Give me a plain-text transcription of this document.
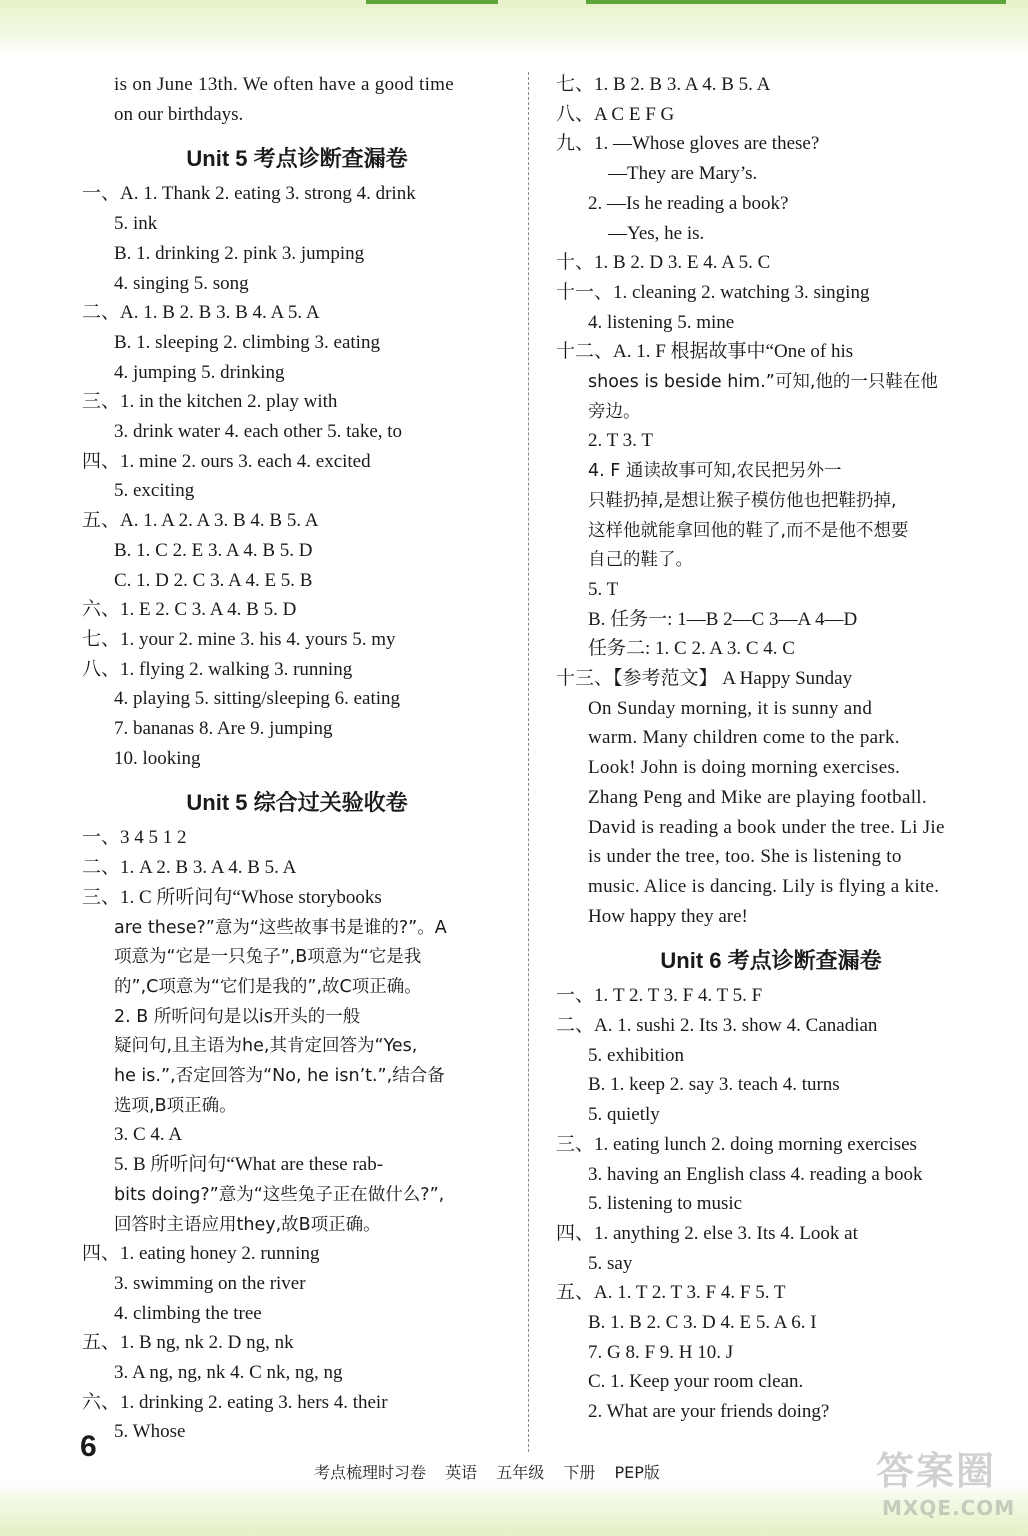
is on June 13th. We often have a good time
on our birthdays.
Unit 5 考点诊断查漏卷
一、A. 1. Thank 2. eating 3. strong 4. drink
5. ink
B. 1. drinking 2. pink 3. jumping
4. singing 5. song
二、A. 1. B 2. B 3. B 4. A 5. A
B. 1. sleeping 2. climbing 3. eating
4. jumping 5. drinking
三、1. in the kitchen 2. play with
3. drink water 4. each other 5. take, to
四、1. mine 2. ours 3. each 4. excited
5. exciting
五、A. 1. A 2. A 3. B 4. B 5. A
B. 1. C 2. E 3. A 4. B 5. D
C. 1. D 2. C 3. A 4. E 5. B
六、1. E 2. C 3. A 4. B 5. D
七、1. your 2. mine 3. his 4. yours 5. my
八、1. flying 2. walking 3. running
4. playing 5. sitting/sleeping 6. eating
7. bananas 8. Are 9. jumping
10. looking
Unit 5 综合过关验收卷
一、3 4 5 1 2
二、1. A 2. B 3. A 4. B 5. A
三、1. C 所听问句“Whose storybooks
are these?”意为“这些故事书是谁的?”。A
项意为“它是一只兔子”,B项意为“它是我
的”,C项意为“它们是我的”,故C项正确。
2. B 所听问句是以is开头的一般
疑问句,且主语为he,其肯定回答为“Yes,
he is.”,否定回答为“No, he isn’t.”,结合备
选项,B项正确。
3. C 4. A
5. B 所听问句“What are these rab-
bits doing?”意为“这些兔子正在做什么?”,
回答时主语应用they,故B项正确。
四、1. eating honey 2. running
3. swimming on the river
4. climbing the tree
五、1. B ng, nk 2. D ng, nk
3. A ng, ng, nk 4. C nk, ng, ng
六、1. drinking 2. eating 3. hers 4. their
5. Whose
七、1. B 2. B 3. A 4. B 5. A
八、A C E F G
九、1. —Whose gloves are these?
—They are Mary’s.
2. —Is he reading a book?
—Yes, he is.
十、1. B 2. D 3. E 4. A 5. C
十一、1. cleaning 2. watching 3. singing
4. listening 5. mine
十二、A. 1. F 根据故事中“One of his
shoes is beside him.”可知,他的一只鞋在他
旁边。
2. T 3. T
4. F 通读故事可知,农民把另外一
只鞋扔掉,是想让猴子模仿他也把鞋扔掉,
这样他就能拿回他的鞋了,而不是他不想要
自己的鞋了。
5. T
B. 任务一: 1—B 2—C 3—A 4—D
任务二: 1. C 2. A 3. C 4. C
十三、【参考范文】 A Happy Sunday
On Sunday morning, it is sunny and
warm. Many children come to the park.
Look! John is doing morning exercises.
Zhang Peng and Mike are playing football.
David is reading a book under the tree. Li Jie
is under the tree, too. She is listening to
music. Alice is dancing. Lily is flying a kite.
How happy they are!
Unit 6 考点诊断查漏卷
一、1. T 2. T 3. F 4. T 5. F
二、A. 1. sushi 2. Its 3. show 4. Canadian
5. exhibition
B. 1. keep 2. say 3. teach 4. turns
5. quietly
三、1. eating lunch 2. doing morning exercises
3. having an English class 4. reading a book
5. listening to music
四、1. anything 2. else 3. Its 4. Look at
5. say
五、A. 1. T 2. T 3. F 4. F 5. T
B. 1. B 2. C 3. D 4. E 5. A 6. I
7. G 8. F 9. H 10. J
C. 1. Keep your room clean.
2. What are your friends doing?
6
考点梳理时习卷 英语 五年级 下册 PEP版	答案圈
MXQE.COM
